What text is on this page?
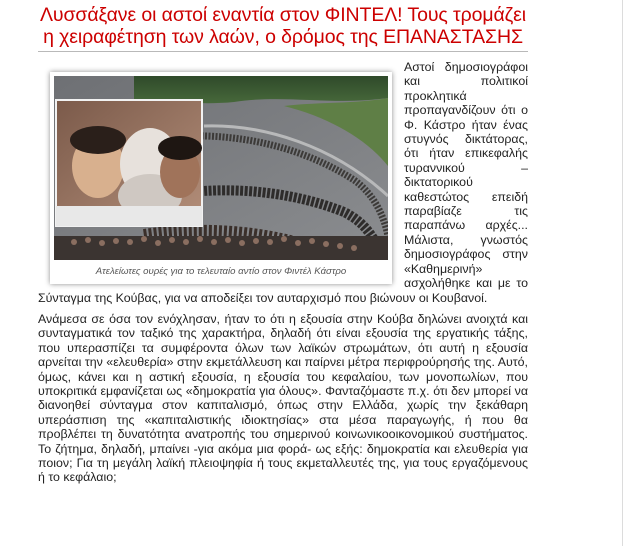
Λυσσάξανε οι αστοί εναντία στον ΦΙΝΤΕΛ! Τους τρομάζει η χειραφέτηση των λαών, ο δρόμος της ΕΠΑΝΑΣΤΑΣΗΣ
Ατελείωτες ουρές για το τελευταίο αντίο στον Φιντέλ Κάστρο

Αστοί δημοσιογράφοι και πολιτικοί προκλητικά προπαγανδίζουν ότι ο Φ. Κάστρο ήταν ένας στυγνός δικτάτορας, ότι ήταν επικεφαλής τυραννικού – δικτατορικού καθεστώτος επειδή παραβίαζε τις παραπάνω αρχές... Μάλιστα, γνωστός δημοσιογράφος στην «Καθημερινή» ασχολήθηκε και με το Σύνταγμα της Κούβας, για να αποδείξει τον αυταρχισμό που βιώνουν οι Κουβανοί.

Ανάμεσα σε όσα τον ενόχλησαν, ήταν το ότι η εξουσία στην Κούβα δηλώνει ανοιχτά και συνταγματικά τον ταξικό της χαρακτήρα, δηλαδή ότι είναι εξουσία της εργατικής τάξης, που υπερασπίζει τα συμφέροντα όλων των λαϊκών στρωμάτων, ότι αυτή η εξουσία αρνείται την «ελευθερία» στην εκμετάλλευση και παίρνει μέτρα περιφρούρησής της. Αυτό, όμως, κάνει και η αστική εξουσία, η εξουσία του κεφαλαίου, των μονοπωλίων, που υποκριτικά εμφανίζεται ως «δημοκρατία για όλους». Φανταζόμαστε π.χ. ότι δεν μπορεί να διανοηθεί σύνταγμα στον καπιταλισμό, όπως στην Ελλάδα, χωρίς την ξεκάθαρη υπεράσπιση της «καπιταλιστικής ιδιοκτησίας» στα μέσα παραγωγής, ή που θα προβλέπει τη δυνατότητα ανατροπής του σημερινού κοινωνικοοικονομικού συστήματος. Το ζήτημα, δηλαδή, μπαίνει -για ακόμα μια φορά- ως εξής: δημοκρατία και ελευθερία για ποιον; Για τη μεγάλη λαϊκή πλειοψηφία ή τους εκμεταλλευτές της, για τους εργαζόμενους ή το κεφάλαιο;
